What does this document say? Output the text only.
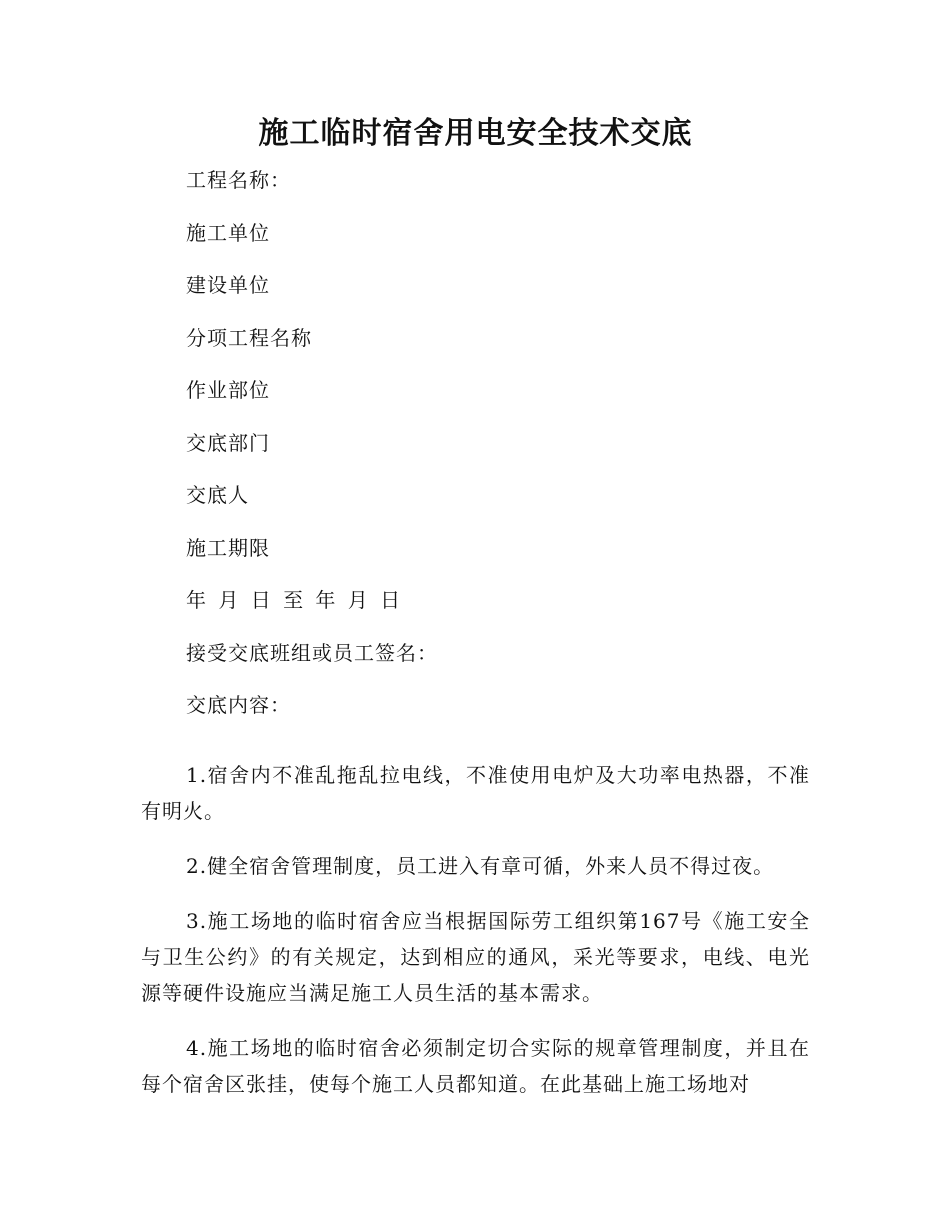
施工临时宿舍用电安全技术交底
工程名称：
施工单位
建设单位
分项工程名称
作业部位
交底部门
交底人
施工期限
年 月 日 至 年 月 日
接受交底班组或员工签名：
交底内容：

1.宿舍内不准乱拖乱拉电线，不准使用电炉及大功率电热器，不准有明火。

2.健全宿舍管理制度，员工进入有章可循，外来人员不得过夜。

3.施工场地的临时宿舍应当根据国际劳工组织第167号《施工安全与卫生公约》的有关规定，达到相应的通风，采光等要求，电线、电光源等硬件设施应当满足施工人员生活的基本需求。

4.施工场地的临时宿舍必须制定切合实际的规章管理制度，并且在每个宿舍区张挂，使每个施工人员都知道。在此基础上施工场地对
